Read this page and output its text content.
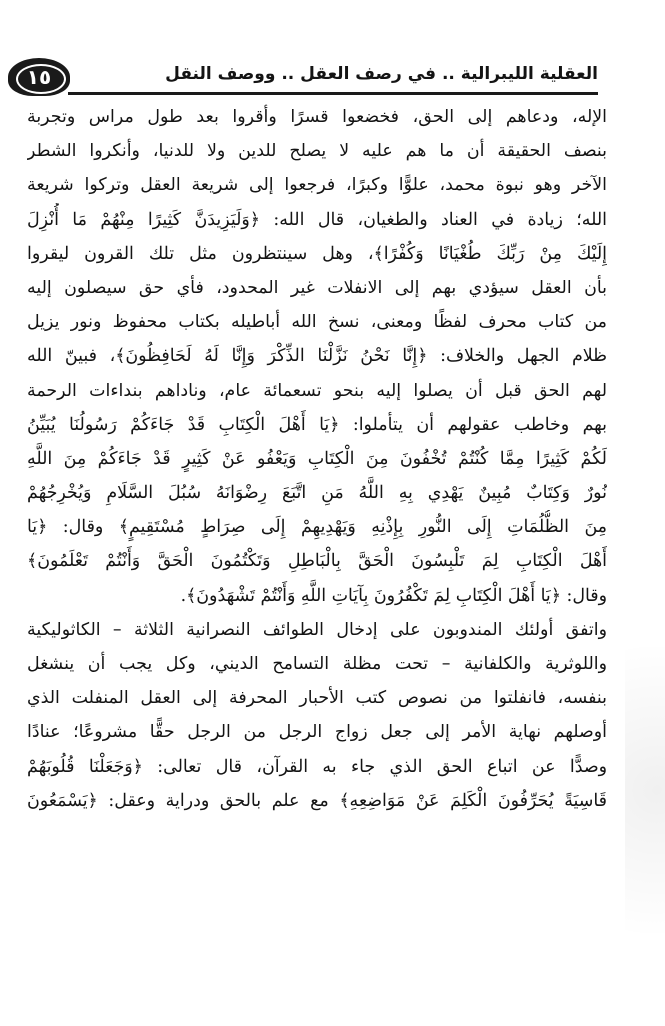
١٥	العقلية الليبرالية .. في رصف العقل .. ووصف النقل
الإله، ودعاهم إلى الحق، فخضعوا قسرًا وأقروا بعد طول مراس وتجربة
بنصف الحقيقة أن ما هم عليه لا يصلح للدين ولا للدنيا، وأنكروا الشطر
الآخر وهو نبوة محمد، علوًّا وكبرًا، فرجعوا إلى شريعة العقل وتركوا شريعة
الله؛ زيادة في العناد والطغيان، قال الله: ﴿وَلَيَزِيدَنَّ كَثِيرًا مِنْهُمْ مَا أُنْزِلَ
إِلَيْكَ مِنْ رَبِّكَ طُغْيَانًا وَكُفْرًا﴾، وهل سينتظرون مثل تلك القرون ليقروا
بأن العقل سيؤدي بهم إلى الانفلات غير المحدود، فأي حق سيصلون إليه
من كتاب محرف لفظًا ومعنى، نسخ الله أباطيله بكتاب محفوظ ونور يزيل
ظلام الجهل والخلاف: ﴿إِنَّا نَحْنُ نَزَّلْنَا الذِّكْرَ وَإِنَّا لَهُ لَحَافِظُونَ﴾، فبينّ الله
لهم الحق قبل أن يصلوا إليه بنحو تسعمائة عام، وناداهم بنداءات الرحمة
بهم وخاطب عقولهم أن يتأملوا: ﴿يَا أَهْلَ الْكِتَابِ قَدْ جَاءَكُمْ رَسُولُنَا يُبَيِّنُ
لَكُمْ كَثِيرًا مِمَّا كُنْتُمْ تُخْفُونَ مِنَ الْكِتَابِ وَيَعْفُو عَنْ كَثِيرٍ قَدْ جَاءَكُمْ مِنَ اللَّهِ
نُورٌ وَكِتَابٌ مُبِينٌ يَهْدِي بِهِ اللَّهُ مَنِ اتَّبَعَ رِضْوَانَهُ سُبُلَ السَّلَامِ وَيُخْرِجُهُمْ
مِنَ الظُّلُمَاتِ إِلَى النُّورِ بِإِذْنِهِ وَيَهْدِيهِمْ إِلَى صِرَاطٍ مُسْتَقِيمٍ﴾ وقال: ﴿يَا
أَهْلَ الْكِتَابِ لِمَ تَلْبِسُونَ الْحَقَّ بِالْبَاطِلِ وَتَكْتُمُونَ الْحَقَّ وَأَنْتُمْ تَعْلَمُونَ﴾
وقال: ﴿يَا أَهْلَ الْكِتَابِ لِمَ تَكْفُرُونَ بِآيَاتِ اللَّهِ وَأَنْتُمْ تَشْهَدُونَ﴾.
واتفق أولئك المندوبون على إدخال الطوائف النصرانية الثلاثة – الكاثوليكية
واللوثرية والكلفانية – تحت مظلة التسامح الديني، وكل يجب أن ينشغل
بنفسه، فانفلتوا من نصوص كتب الأحبار المحرفة إلى العقل المنفلت الذي
أوصلهم نهاية الأمر إلى جعل زواج الرجل من الرجل حقًّا مشروعًا؛ عنادًا
وصدًّا عن اتباع الحق الذي جاء به القرآن، قال تعالى: ﴿وَجَعَلْنَا قُلُوبَهُمْ
قَاسِيَةً يُحَرِّفُونَ الْكَلِمَ عَنْ مَوَاضِعِهِ﴾ مع علم بالحق ودراية وعقل: ﴿يَسْمَعُونَ
